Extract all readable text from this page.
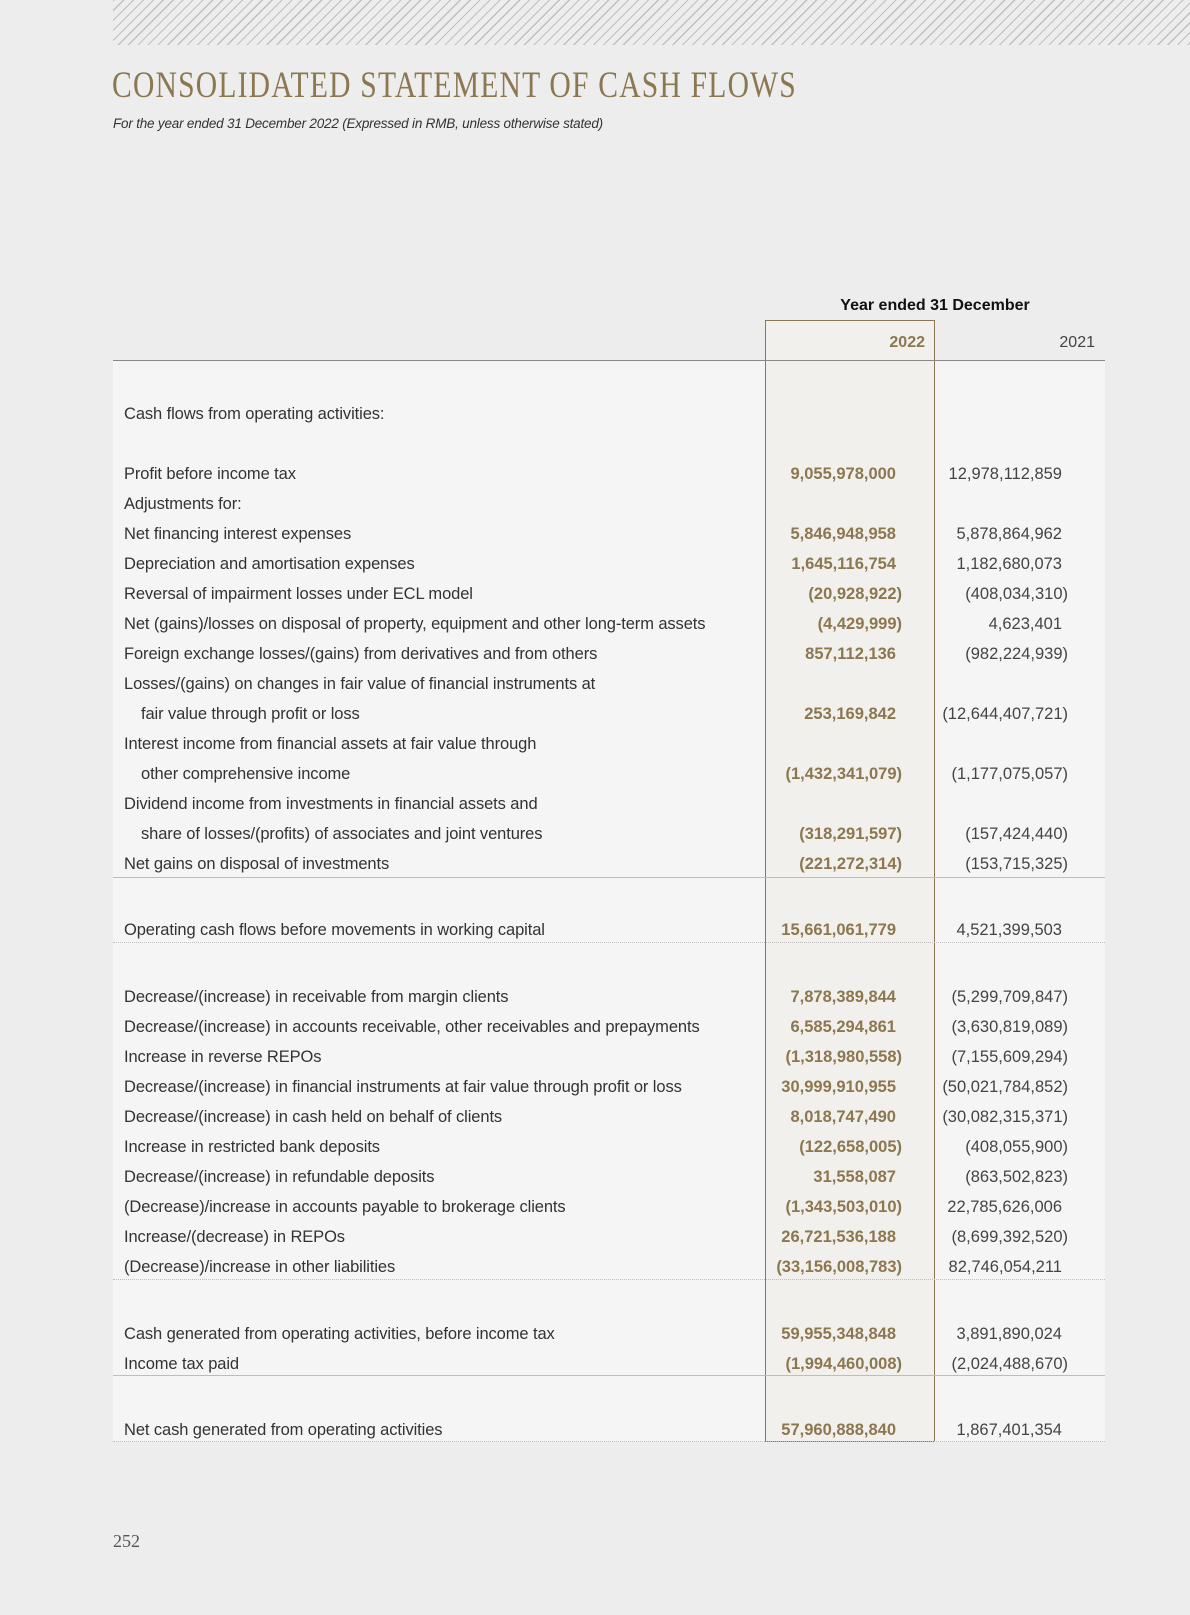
CONSOLIDATED STATEMENT OF CASH FLOWS
For the year ended 31 December 2022 (Expressed in RMB, unless otherwise stated)
Year ended 31 December
2022	2021
Cash flows from operating activities:
Profit before income tax	9,055,978,000	12,978,112,859
Adjustments for:
Net financing interest expenses	5,846,948,958	5,878,864,962
Depreciation and amortisation expenses	1,645,116,754	1,182,680,073
Reversal of impairment losses under ECL model	(20,928,922)	(408,034,310)
Net (gains)/losses on disposal of property, equipment and other long-term assets	(4,429,999)	4,623,401
Foreign exchange losses/(gains) from derivatives and from others	857,112,136	(982,224,939)
Losses/(gains) on changes in fair value of financial instruments at
fair value through profit or loss	253,169,842	(12,644,407,721)
Interest income from financial assets at fair value through
other comprehensive income	(1,432,341,079)	(1,177,075,057)
Dividend income from investments in financial assets and
share of losses/(profits) of associates and joint ventures	(318,291,597)	(157,424,440)
Net gains on disposal of investments	(221,272,314)	(153,715,325)
Operating cash flows before movements in working capital	15,661,061,779	4,521,399,503
Decrease/(increase) in receivable from margin clients	7,878,389,844	(5,299,709,847)
Decrease/(increase) in accounts receivable, other receivables and prepayments	6,585,294,861	(3,630,819,089)
Increase in reverse REPOs	(1,318,980,558)	(7,155,609,294)
Decrease/(increase) in financial instruments at fair value through profit or loss	30,999,910,955	(50,021,784,852)
Decrease/(increase) in cash held on behalf of clients	8,018,747,490	(30,082,315,371)
Increase in restricted bank deposits	(122,658,005)	(408,055,900)
Decrease/(increase) in refundable deposits	31,558,087	(863,502,823)
(Decrease)/increase in accounts payable to brokerage clients	(1,343,503,010)	22,785,626,006
Increase/(decrease) in REPOs	26,721,536,188	(8,699,392,520)
(Decrease)/increase in other liabilities	(33,156,008,783)	82,746,054,211
Cash generated from operating activities, before income tax	59,955,348,848	3,891,890,024
Income tax paid	(1,994,460,008)	(2,024,488,670)
Net cash generated from operating activities	57,960,888,840	1,867,401,354
252
